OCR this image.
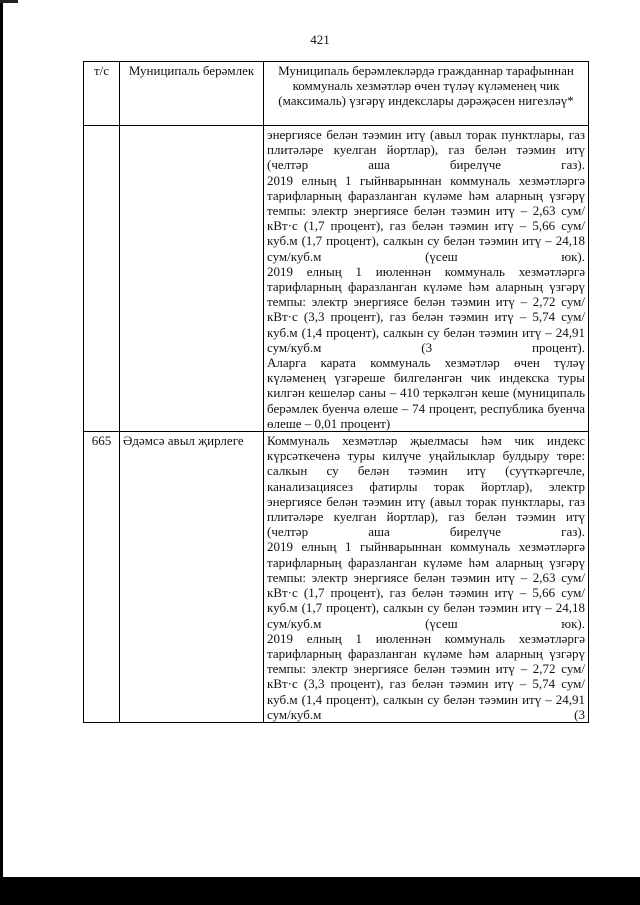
421
т/с	Муниципаль берәмлек	Муниципаль берәмлекләрдә гражданнар тарафыннан коммуналь хезмәтләр өчен түләү күләменең чик (максималь) үзгәрү индекслары дәрәҗәсен нигезләү*

		энергиясе белән тәэмин итү (авыл торак пунктлары, газ плитәләре куелган йортлар), газ белән тәэмин итү (челтәр аша бирелүче газ).

2019 елның 1 гыйнварыннан коммуналь хезмәтләргә тарифларның фаразланган күләме һәм аларның үзгәрү темпы: электр энергиясе белән тәэмин итү – 2,63 сум/кВт·с (1,7 процент), газ белән тәэмин итү – 5,66 сум/куб.м (1,7 процент), салкын су белән тәэмин итү – 24,18 сум/куб.м (үсеш юк).

2019 елның 1 июленнән коммуналь хезмәтләргә тарифларның фаразланган күләме һәм аларның үзгәрү темпы: электр энергиясе белән тәэмин итү – 2,72 сум/кВт·с (3,3 процент), газ белән тәэмин итү – 5,74 сум/куб.м (1,4 процент), салкын су белән тәэмин итү – 24,91 сум/куб.м (3 процент).

Аларга карата коммуналь хезмәтләр өчен түләү күләменең үзгәреше билгеләнгән чик индекска туры килгән кешеләр саны – 410 теркәлгән кеше (муниципаль берәмлек буенча өлеше – 74 процент, республика буенча өлеше – 0,01 процент)

665	Әдәмсә авыл җирлеге	Коммуналь хезмәтләр җыелмасы һәм чик индекс күрсәткеченә туры килүче уңайлыклар булдыру төре: салкын су белән тәэмин итү (суүткәргечле, канализациясез фатирлы торак йортлар), электр энергиясе белән тәэмин итү (авыл торак пунктлары, газ плитәләре куелган йортлар), газ белән тәэмин итү (челтәр аша бирелүче газ).

2019 елның 1 гыйнварыннан коммуналь хезмәтләргә тарифларның фаразланган күләме һәм аларның үзгәрү темпы: электр энергиясе белән тәэмин итү – 2,63 сум/кВт·с (1,7 процент), газ белән тәэмин итү – 5,66 сум/куб.м (1,7 процент), салкын су белән тәэмин итү – 24,18 сум/куб.м (үсеш юк).

2019 елның 1 июленнән коммуналь хезмәтләргә тарифларның фаразланган күләме һәм аларның үзгәрү темпы: электр энергиясе белән тәэмин итү – 2,72 сум/кВт·с (3,3 процент), газ белән тәэмин итү – 5,74 сум/куб.м (1,4 процент), салкын су белән тәэмин итү – 24,91 сум/куб.м (3
